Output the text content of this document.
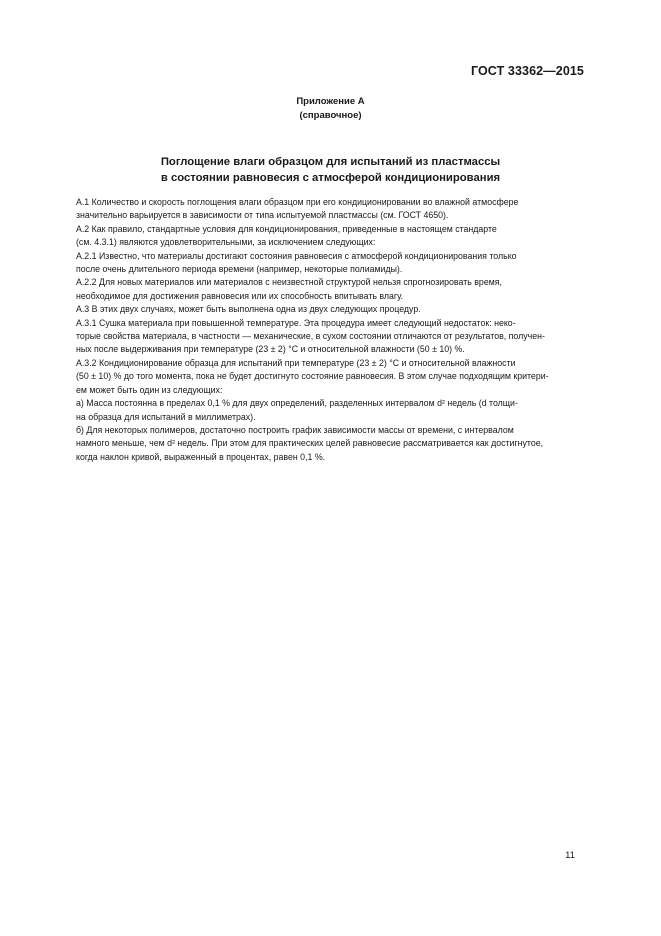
ГОСТ 33362—2015
Приложение А
(справочное)
Поглощение влаги образцом для испытаний из пластмассы
в состоянии равновесия с атмосферой кондиционирования
A.1 Количество и скорость поглощения влаги образцом при его кондиционировании во влажной атмосфере
значительно варьируется в зависимости от типа испытуемой пластмассы (см. ГОСТ 4650).
A.2 Как правило, стандартные условия для кондиционирования, приведенные в настоящем стандарте
(см. 4.3.1) являются удовлетворительными, за исключением следующих:
A.2.1 Известно, что материалы достигают состояния равновесия с атмосферой кондиционирования только
после очень длительного периода времени (например, некоторые полиамиды).
A.2.2 Для новых материалов или материалов с неизвестной структурой нельзя спрогнозировать время,
необходимое для достижения равновесия или их способность впитывать влагу.
A.3 В этих двух случаях, может быть выполнена одна из двух следующих процедур.
A.3.1 Сушка материала при повышенной температуре. Эта процедура имеет следующий недостаток: неко-
торые свойства материала, в частности — механические, в сухом состоянии отличаются от результатов, получен-
ных после выдерживания при температуре (23 ± 2) °C и относительной влажности (50 ± 10) %.
A.3.2 Кондиционирование образца для испытаний при температуре (23 ± 2) °C и относительной влажности
(50 ± 10) % до того момента, пока не будет достигнуто состояние равновесия. В этом случае подходящим критери-
ем может быть один из следующих:
а) Масса постоянна в пределах 0,1 % для двух определений, разделенных интервалом d² недель (d толщи-
на образца для испытаний в миллиметрах).
б) Для некоторых полимеров, достаточно построить график зависимости массы от времени, с интервалом
намного меньше, чем d² недель. При этом для практических целей равновесие рассматривается как достигнутое,
когда наклон кривой, выраженный в процентах, равен 0,1 %.
11
